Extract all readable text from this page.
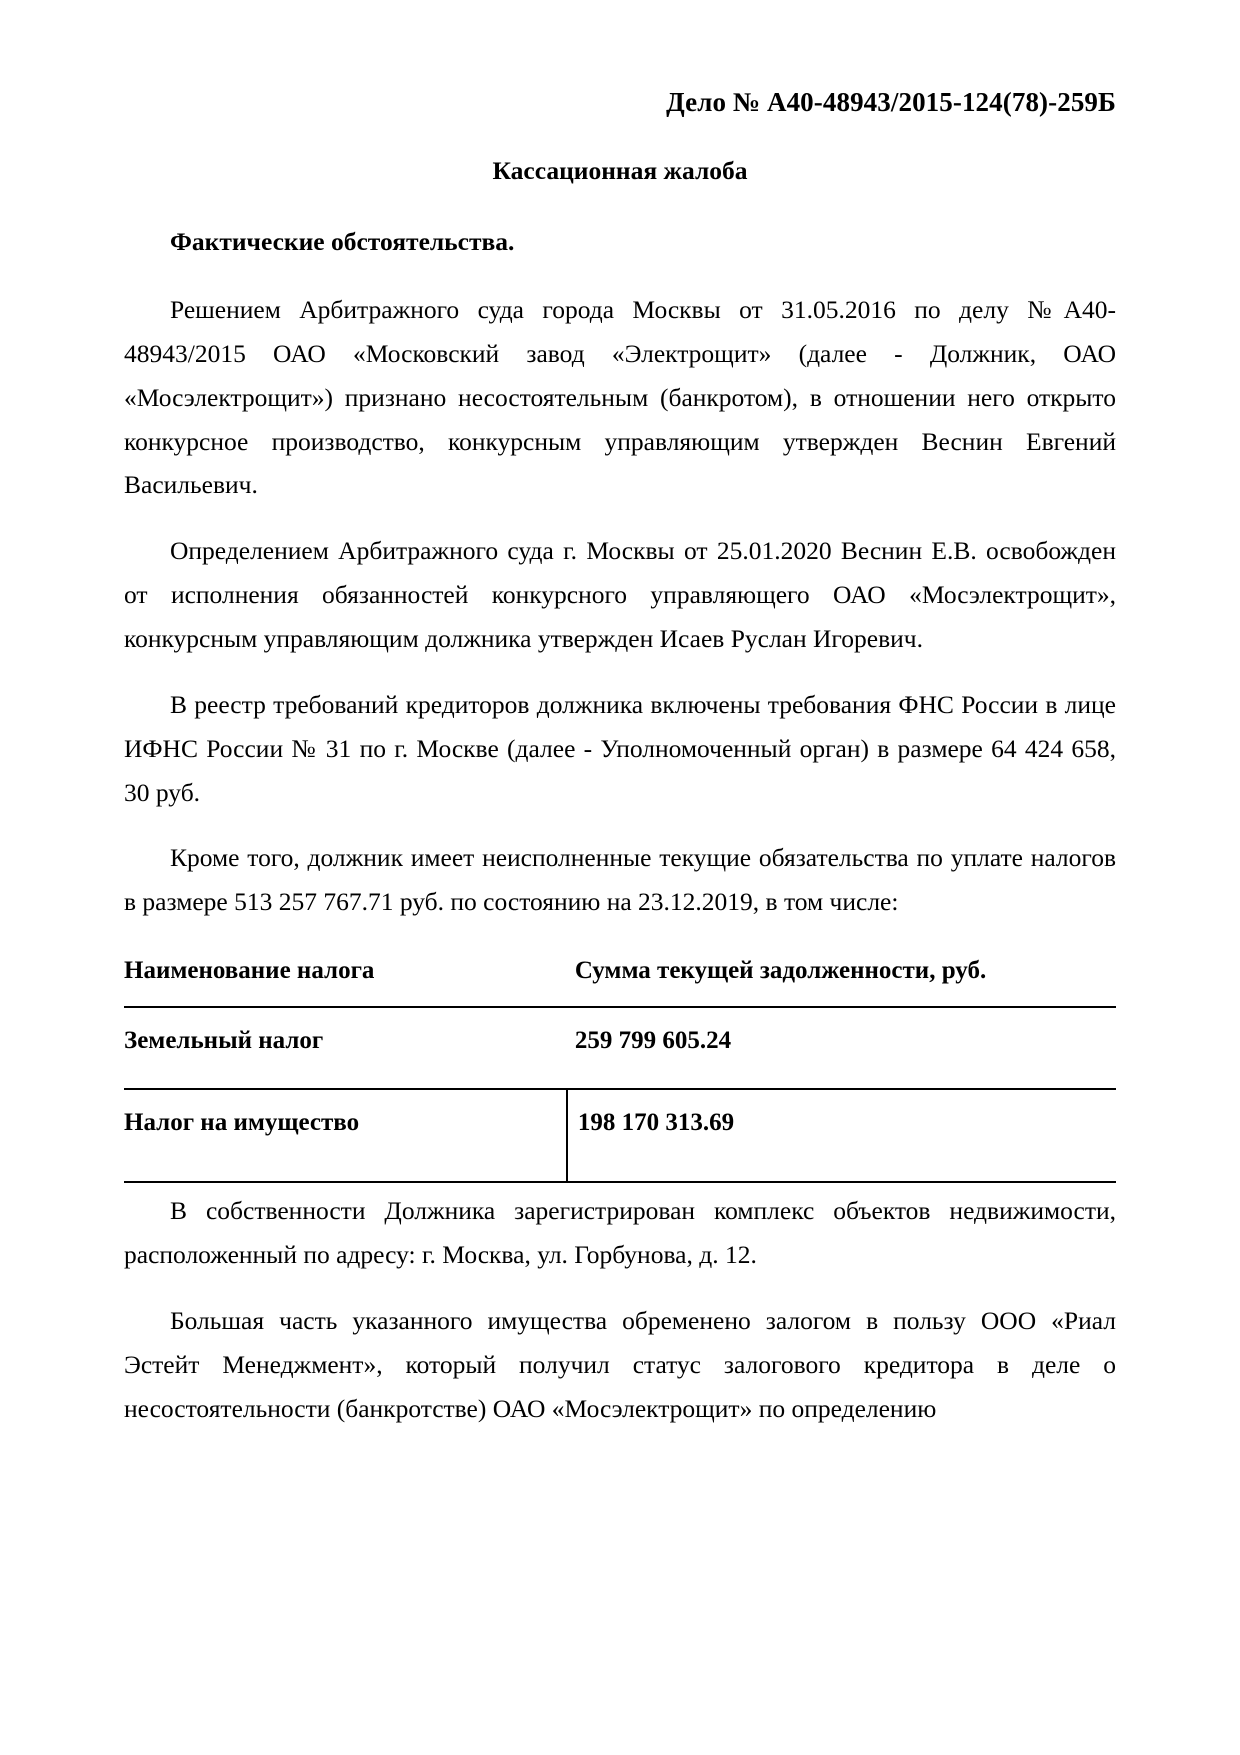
Дело № А40-48943/2015-124(78)-259Б
Кассационная жалоба
Фактические обстоятельства.

Решением Арбитражного суда города Москвы от 31.05.2016 по делу №А40-48943/2015 ОАО «Московский завод «Электрощит» (далее - Должник, ОАО «Мосэлектрощит») признано несостоятельным (банкротом), в отношении него открыто конкурсное производство, конкурсным управляющим утвержден Веснин Евгений Васильевич.

Определением Арбитражного суда г. Москвы от 25.01.2020 Веснин Е.В. освобожден от исполнения обязанностей конкурсного управляющего ОАО «Мосэлектрощит», конкурсным управляющим должника утвержден Исаев Руслан Игоревич.

В реестр требований кредиторов должника включены требования ФНС России в лице ИФНС России № 31 по г. Москве (далее - Уполномоченный орган) в размере 64 424 658, 30 руб.

Кроме того, должник имеет неисполненные текущие обязательства по уплате налогов в размере 513 257 767.71 руб. по состоянию на 23.12.2019, в том числе:

Наименование налога	Сумма текущей задолженности, руб.
Земельный налог	259 799 605.24
Налог на имущество	198 170 313.69

В собственности Должника зарегистрирован комплекс объектов недвижимости, расположенный по адресу: г. Москва, ул. Горбунова, д. 12.

Большая часть указанного имущества обременено залогом в пользу ООО «Риал Эстейт Менеджмент», который получил статус залогового кредитора в деле о несостоятельности (банкротстве) ОАО «Мосэлектрощит» по определению
